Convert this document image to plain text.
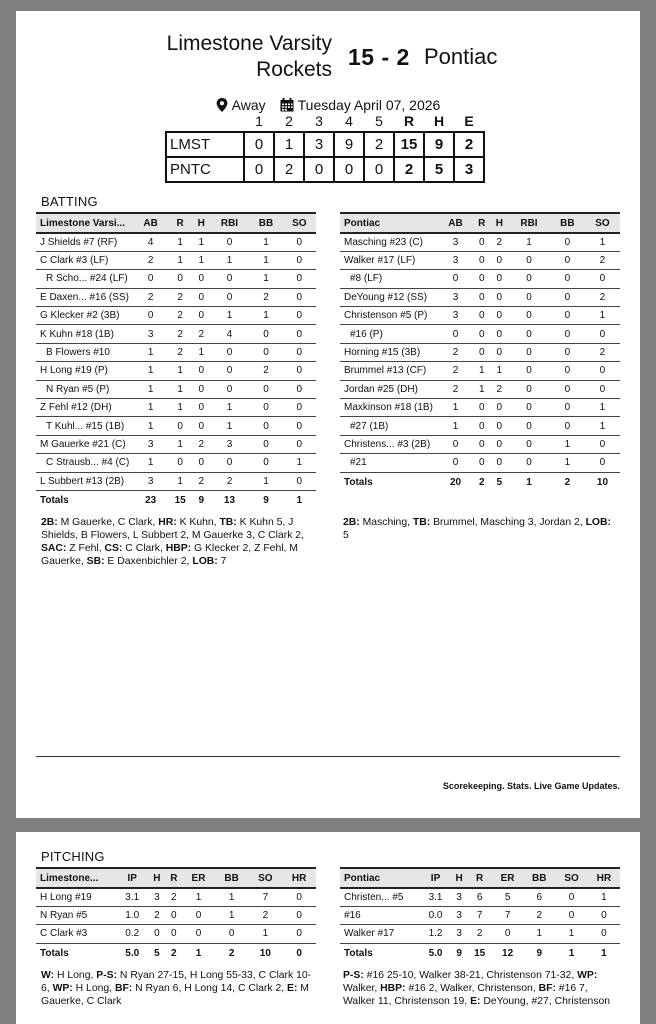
Limestone Varsity
Rockets 15 - 2 Pontiac
Away Tuesday April 07, 2026
	1	2	3	4	5	R	H	E
LMST	0	1	3	9	2	15	9	2
PNTC	0	2	0	0	0	2	5	3
BATTING
Limestone Varsi...	AB	R	H	RBI	BB	SO
J Shields #7 (RF)	4	1	1	0	1	0
C Clark #3 (LF)	2	1	1	1	1	0
R Scho... #24 (LF)	0	0	0	0	1	0
E Daxen... #16 (SS)	2	2	0	0	2	0
G Klecker #2 (3B)	0	2	0	1	1	0
K Kuhn #18 (1B)	3	2	2	4	0	0
B Flowers #10	1	2	1	0	0	0
H Long #19 (P)	1	1	0	0	2	0
N Ryan #5 (P)	1	1	0	0	0	0
Z Fehl #12 (DH)	1	1	0	1	0	0
T Kuhl... #15 (1B)	1	0	0	1	0	0
M Gauerke #21 (C)	3	1	2	3	0	0
C Strausb... #4 (C)	1	0	0	0	0	1
L Subbert #13 (2B)	3	1	2	2	1	0
Totals	23	15	9	13	9	1
Pontiac	AB	R	H	RBI	BB	SO
Masching #23 (C)	3	0	2	1	0	1
Walker #17 (LF)	3	0	0	0	0	2
#8 (LF)	0	0	0	0	0	0
DeYoung #12 (SS)	3	0	0	0	0	2
Christenson #5 (P)	3	0	0	0	0	1
#16 (P)	0	0	0	0	0	0
Horning #15 (3B)	2	0	0	0	0	2
Brummel #13 (CF)	2	1	1	0	0	0
Jordan #25 (DH)	2	1	2	0	0	0
Maxkinson #18 (1B)	1	0	0	0	0	1
#27 (1B)	1	0	0	0	0	1
Christens... #3 (2B)	0	0	0	0	1	0
#21	0	0	0	0	1	0
Totals	20	2	5	1	2	10
2B: M Gauerke, C Clark, HR: K Kuhn, TB: K Kuhn 5, J Shields, B Flowers, L Subbert 2, M Gauerke 3, C Clark 2, SAC: Z Fehl, CS: C Clark, HBP: G Klecker 2, Z Fehl, M Gauerke, SB: E Daxenbichler 2, LOB: 7
2B: Masching, TB: Brummel, Masching 3, Jordan 2, LOB: 5
Scorekeeping. Stats. Live Game Updates.
PITCHING
Limestone...	IP	H	R	ER	BB	SO	HR
H Long #19	3.1	3	2	1	1	7	0
N Ryan #5	1.0	2	0	0	1	2	0
C Clark #3	0.2	0	0	0	0	1	0
Totals	5.0	5	2	1	2	10	0
Pontiac	IP	H	R	ER	BB	SO	HR
Christen... #5	3.1	3	6	5	6	0	1
#16	0.0	3	7	7	2	0	0
Walker #17	1.2	3	2	0	1	1	0
Totals	5.0	9	15	12	9	1	1
W: H Long, P-S: N Ryan 27-15, H Long 55-33, C Clark 10-6, WP: H Long, BF: N Ryan 6, H Long 14, C Clark 2, E: M Gauerke, C Clark
P-S: #16 25-10, Walker 38-21, Christenson 71-32, WP: Walker, HBP: #16 2, Walker, Christenson, BF: #16 7, Walker 11, Christenson 19, E: DeYoung, #27, Christenson
